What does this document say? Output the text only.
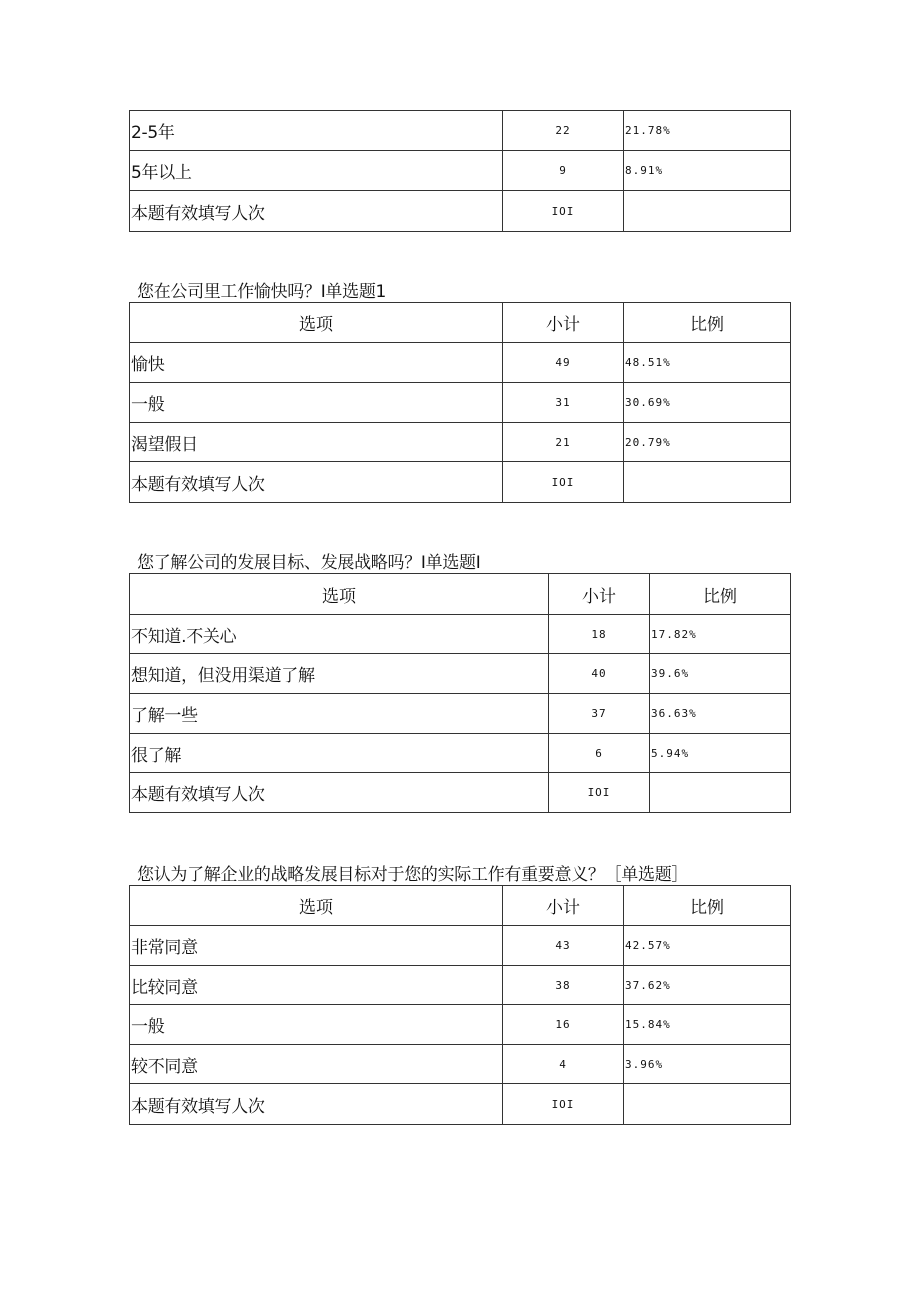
2-5年	22	21.78%
5年以上	9	8.91%
本题有效填写人次	IOI	
您在公司里工作愉快吗？I单选题1
选项	小计	比例
愉快	49	48.51%
一般	31	30.69%
渴望假日	21	20.79%
本题有效填写人次	IOI	
您了解公司的发展目标、发展战略吗？I单选题I
选项	小计	比例
不知道.不关心	18	17.82%
想知道，但没用渠道了解	40	39.6%
了解一些	37	36.63%
很了解	6	5.94%
本题有效填写人次	IOI	
您认为了解企业的战略发展目标对于您的实际工作有重要意义？［单选题］
选项	小计	比例
非常同意	43	42.57%
比较同意	38	37.62%
一般	16	15.84%
较不同意	4	3.96%
本题有效填写人次	IOI	
